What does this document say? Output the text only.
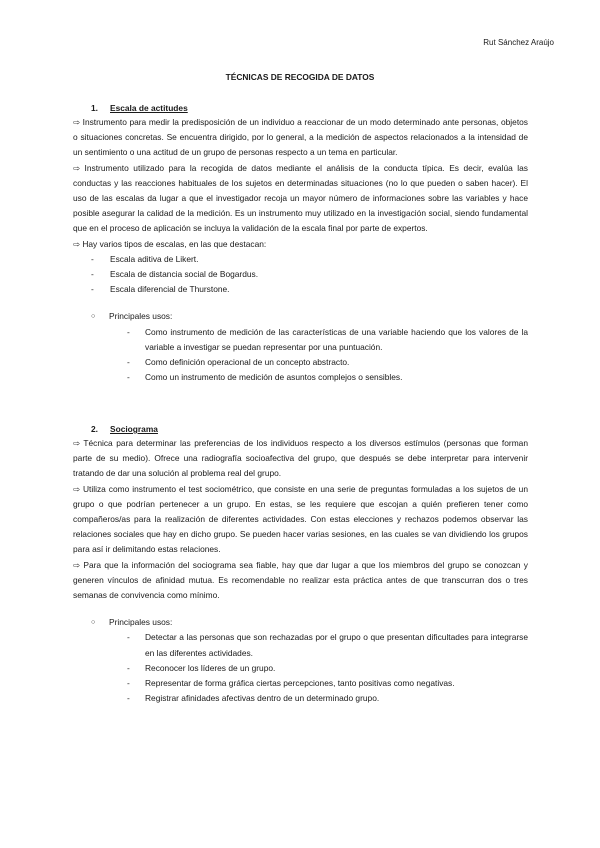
Rut Sánchez Araújo
TÉCNICAS DE RECOGIDA DE DATOS
1. Escala de actitudes
⇨ Instrumento para medir la predisposición de un individuo a reaccionar de un modo determinado ante personas, objetos o situaciones concretas. Se encuentra dirigido, por lo general, a la medición de aspectos relacionados a la intensidad de un sentimiento o una actitud de un grupo de personas respecto a un tema en particular.
⇨ Instrumento utilizado para la recogida de datos mediante el análisis de la conducta típica. Es decir, evalúa las conductas y las reacciones habituales de los sujetos en determinadas situaciones (no lo que pueden o saben hacer). El uso de las escalas da lugar a que el investigador recoja un mayor número de informaciones sobre las variables y hace posible asegurar la calidad de la medición. Es un instrumento muy utilizado en la investigación social, siendo fundamental que en el proceso de aplicación se incluya la validación de la escala final por parte de expertos.
⇨ Hay varios tipos de escalas, en las que destacan:
- Escala aditiva de Likert.
- Escala de distancia social de Bogardus.
- Escala diferencial de Thurstone.
○ Principales usos:
- Como instrumento de medición de las características de una variable haciendo que los valores de la variable a investigar se puedan representar por una puntuación.
- Como definición operacional de un concepto abstracto.
- Como un instrumento de medición de asuntos complejos o sensibles.
2. Sociograma
⇨ Técnica para determinar las preferencias de los individuos respecto a los diversos estímulos (personas que forman parte de su medio). Ofrece una radiografía socioafectiva del grupo, que después se debe interpretar para intervenir tratando de dar una solución al problema real del grupo.
⇨ Utiliza como instrumento el test sociométrico, que consiste en una serie de preguntas formuladas a los sujetos de un grupo o que podrían pertenecer a un grupo. En estas, se les requiere que escojan a quién prefieren tener como compañeros/as para la realización de diferentes actividades. Con estas elecciones y rechazos podemos observar las relaciones sociales que hay en dicho grupo. Se pueden hacer varias sesiones, en las cuales se van dividiendo los grupos para así ir delimitando estas relaciones.
⇨ Para que la información del sociograma sea fiable, hay que dar lugar a que los miembros del grupo se conozcan y generen vínculos de afinidad mutua. Es recomendable no realizar esta práctica antes de que transcurran dos o tres semanas de convivencia como mínimo.
○ Principales usos:
- Detectar a las personas que son rechazadas por el grupo o que presentan dificultades para integrarse en las diferentes actividades.
- Reconocer los líderes de un grupo.
- Representar de forma gráfica ciertas percepciones, tanto positivas como negativas.
- Registrar afinidades afectivas dentro de un determinado grupo.
